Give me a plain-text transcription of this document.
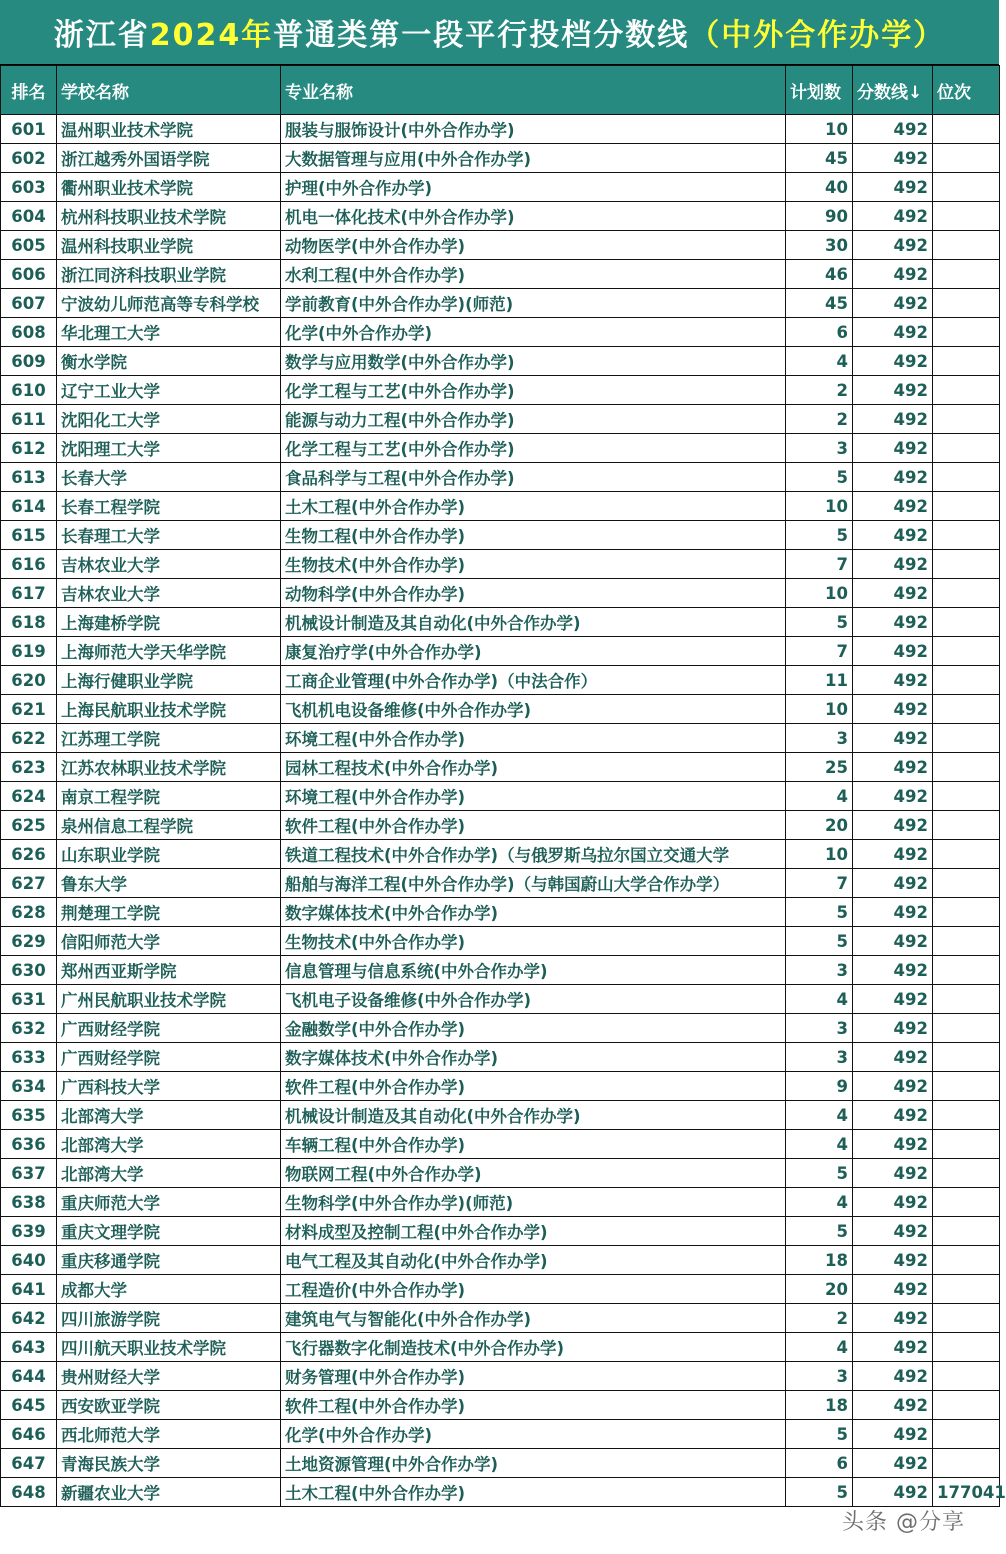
浙江省 2024年 普通类第一段平行投档分数线 （中外合作办学）
排名	学校名称	专业名称	计划数	分数线↓	位次
601	温州职业技术学院	服装与服饰设计(中外合作办学)	10	492	
602	浙江越秀外国语学院	大数据管理与应用(中外合作办学)	45	492	
603	衢州职业技术学院	护理(中外合作办学)	40	492	
604	杭州科技职业技术学院	机电一体化技术(中外合作办学)	90	492	
605	温州科技职业学院	动物医学(中外合作办学)	30	492	
606	浙江同济科技职业学院	水利工程(中外合作办学)	46	492	
607	宁波幼儿师范高等专科学校	学前教育(中外合作办学)(师范)	45	492	
608	华北理工大学	化学(中外合作办学)	6	492	
609	衡水学院	数学与应用数学(中外合作办学)	4	492	
610	辽宁工业大学	化学工程与工艺(中外合作办学)	2	492	
611	沈阳化工大学	能源与动力工程(中外合作办学)	2	492	
612	沈阳理工大学	化学工程与工艺(中外合作办学)	3	492	
613	长春大学	食品科学与工程(中外合作办学)	5	492	
614	长春工程学院	土木工程(中外合作办学)	10	492	
615	长春理工大学	生物工程(中外合作办学)	5	492	
616	吉林农业大学	生物技术(中外合作办学)	7	492	
617	吉林农业大学	动物科学(中外合作办学)	10	492	
618	上海建桥学院	机械设计制造及其自动化(中外合作办学)	5	492	
619	上海师范大学天华学院	康复治疗学(中外合作办学)	7	492	
620	上海行健职业学院	工商企业管理(中外合作办学)（中法合作）	11	492	
621	上海民航职业技术学院	飞机机电设备维修(中外合作办学)	10	492	
622	江苏理工学院	环境工程(中外合作办学)	3	492	
623	江苏农林职业技术学院	园林工程技术(中外合作办学)	25	492	
624	南京工程学院	环境工程(中外合作办学)	4	492	
625	泉州信息工程学院	软件工程(中外合作办学)	20	492	
626	山东职业学院	铁道工程技术(中外合作办学)（与俄罗斯乌拉尔国立交通大学	10	492	
627	鲁东大学	船舶与海洋工程(中外合作办学)（与韩国蔚山大学合作办学）	7	492	
628	荆楚理工学院	数字媒体技术(中外合作办学)	5	492	
629	信阳师范大学	生物技术(中外合作办学)	5	492	
630	郑州西亚斯学院	信息管理与信息系统(中外合作办学)	3	492	
631	广州民航职业技术学院	飞机电子设备维修(中外合作办学)	4	492	
632	广西财经学院	金融数学(中外合作办学)	3	492	
633	广西财经学院	数字媒体技术(中外合作办学)	3	492	
634	广西科技大学	软件工程(中外合作办学)	9	492	
635	北部湾大学	机械设计制造及其自动化(中外合作办学)	4	492	
636	北部湾大学	车辆工程(中外合作办学)	4	492	
637	北部湾大学	物联网工程(中外合作办学)	5	492	
638	重庆师范大学	生物科学(中外合作办学)(师范)	4	492	
639	重庆文理学院	材料成型及控制工程(中外合作办学)	5	492	
640	重庆移通学院	电气工程及其自动化(中外合作办学)	18	492	
641	成都大学	工程造价(中外合作办学)	20	492	
642	四川旅游学院	建筑电气与智能化(中外合作办学)	2	492	
643	四川航天职业技术学院	飞行器数字化制造技术(中外合作办学)	4	492	
644	贵州财经大学	财务管理(中外合作办学)	3	492	
645	西安欧亚学院	软件工程(中外合作办学)	18	492	
646	西北师范大学	化学(中外合作办学)	5	492	
647	青海民族大学	土地资源管理(中外合作办学)	6	492	
648	新疆农业大学	土木工程(中外合作办学)	5	492	177041
头条 @分享
